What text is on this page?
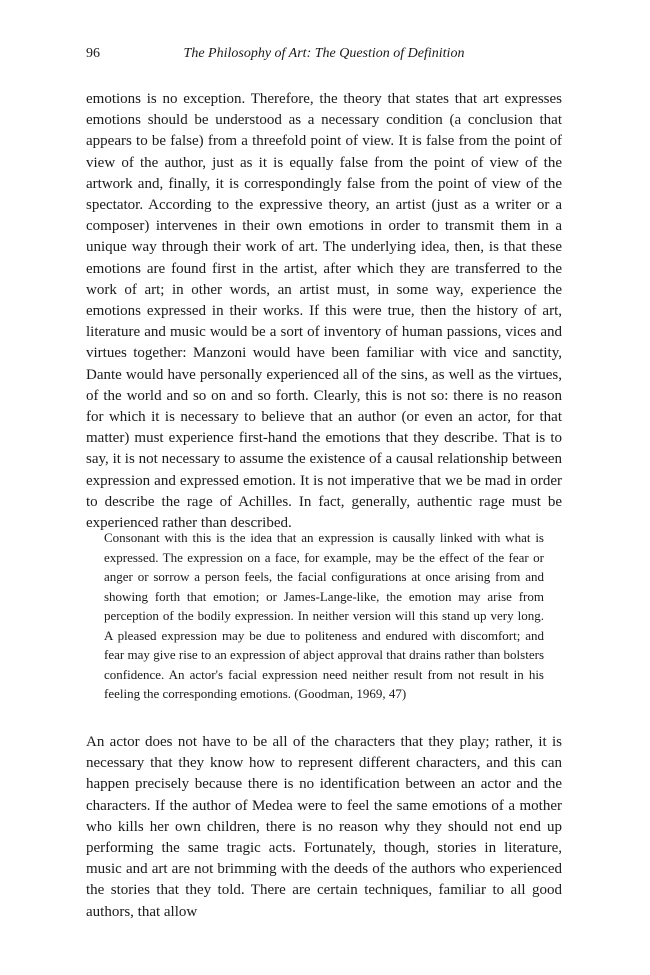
96	The Philosophy of Art: The Question of Definition

emotions is no exception. Therefore, the theory that states that art expresses emotions should be understood as a necessary condition (a conclusion that appears to be false) from a threefold point of view. It is false from the point of view of the author, just as it is equally false from the point of view of the artwork and, finally, it is correspondingly false from the point of view of the spectator. According to the expressive theory, an artist (just as a writer or a composer) intervenes in their own emotions in order to transmit them in a unique way through their work of art. The underlying idea, then, is that these emotions are found first in the artist, after which they are transferred to the work of art; in other words, an artist must, in some way, experience the emotions expressed in their works. If this were true, then the history of art, literature and music would be a sort of inventory of human passions, vices and virtues together: Manzoni would have been familiar with vice and sanctity, Dante would have personally experienced all of the sins, as well as the virtues, of the world and so on and so forth. Clearly, this is not so: there is no reason for which it is necessary to believe that an author (or even an actor, for that matter) must experience first-hand the emotions that they describe. That is to say, it is not necessary to assume the existence of a causal relationship between expression and expressed emotion. It is not imperative that we be mad in order to describe the rage of Achilles. In fact, generally, authentic rage must be experienced rather than described.

Consonant with this is the idea that an expression is causally linked with what is expressed. The expression on a face, for example, may be the effect of the fear or anger or sorrow a person feels, the facial configurations at once arising from and showing forth that emotion; or James-Lange-like, the emotion may arise from perception of the bodily expression. In neither version will this stand up very long. A pleased expression may be due to politeness and endured with discomfort; and fear may give rise to an expression of abject approval that drains rather than bolsters confidence. An actor's facial expression need neither result from not result in his feeling the corresponding emotions. (Goodman, 1969, 47)

An actor does not have to be all of the characters that they play; rather, it is necessary that they know how to represent different characters, and this can happen precisely because there is no identification between an actor and the characters. If the author of Medea were to feel the same emotions of a mother who kills her own children, there is no reason why they should not end up performing the same tragic acts. Fortunately, though, stories in literature, music and art are not brimming with the deeds of the authors who experienced the stories that they told. There are certain techniques, familiar to all good authors, that allow
